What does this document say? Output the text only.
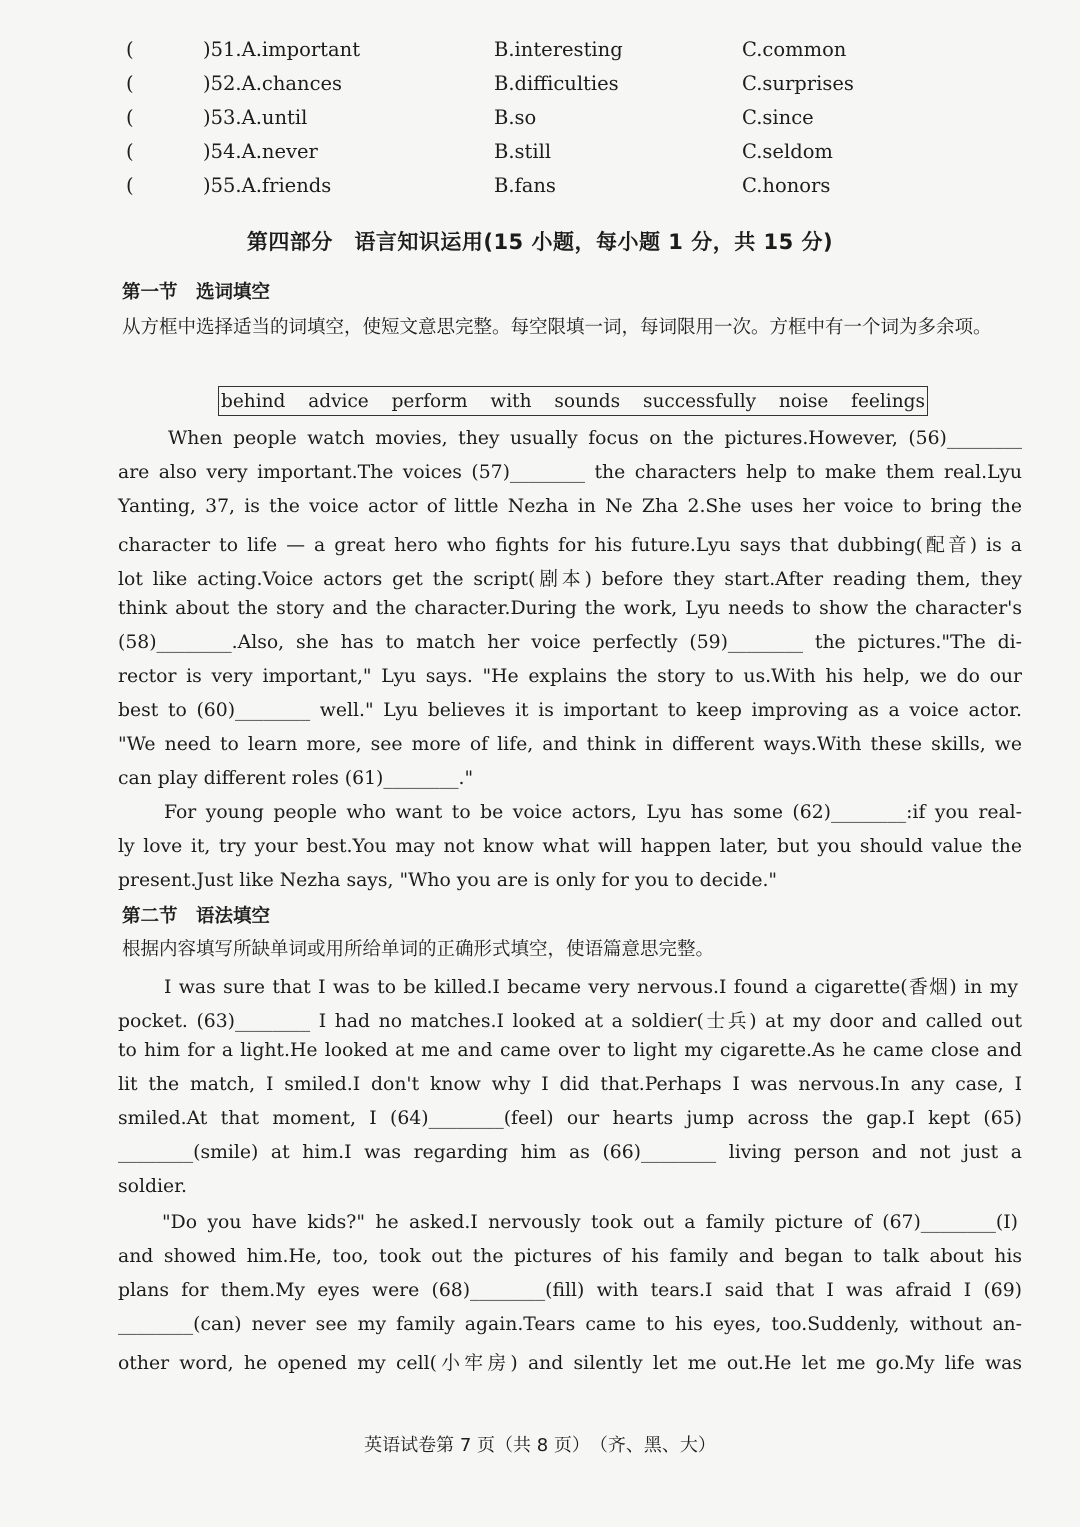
(	)51.A.important	B.interesting	C.common
(	)52.A.chances	B.difficulties	C.surprises
(	)53.A.until	B.so	C.since
(	)54.A.never	B.still	C.seldom
(	)55.A.friends	B.fans	C.honors
第四部分　语言知识运用(15 小题，每小题 1 分，共 15 分)
第一节　选词填空
从方框中选择适当的词填空，使短文意思完整。每空限填一词，每词限用一次。方框中有一个词为多余项。
behind advice perform with sounds successfully noise feelings
When people watch movies, they usually focus on the pictures.However, (56)________
are also very important.The voices (57)________ the characters help to make them real.Lyu
Yanting, 37, is the voice actor of little Nezha in Ne Zha 2.She uses her voice to bring the
character to life — a great hero who fights for his future.Lyu says that dubbing(配音) is a
lot like acting.Voice actors get the script(剧本) before they start.After reading them, they
think about the story and the character.During the work, Lyu needs to show the character's
(58)________.Also, she has to match her voice perfectly (59)________ the pictures."The di-
rector is very important," Lyu says. "He explains the story to us.With his help, we do our
best to (60)________ well." Lyu believes it is important to keep improving as a voice actor.
"We need to learn more, see more of life, and think in different ways.With these skills, we
can play different roles (61)________."
For young people who want to be voice actors, Lyu has some (62)________:if you real-
ly love it, try your best.You may not know what will happen later, but you should value the
present.Just like Nezha says, "Who you are is only for you to decide."
第二节　语法填空
根据内容填写所缺单词或用所给单词的正确形式填空，使语篇意思完整。
I was sure that I was to be killed.I became very nervous.I found a cigarette(香烟) in my
pocket. (63)________ I had no matches.I looked at a soldier(士兵) at my door and called out
to him for a light.He looked at me and came over to light my cigarette.As he came close and
lit the match, I smiled.I don't know why I did that.Perhaps I was nervous.In any case, I
smiled.At that moment, I (64)________(feel) our hearts jump across the gap.I kept (65)
________(smile) at him.I was regarding him as (66)________ living person and not just a
soldier.
"Do you have kids?" he asked.I nervously took out a family picture of (67)________(I)
and showed him.He, too, took out the pictures of his family and began to talk about his
plans for them.My eyes were (68)________(fill) with tears.I said that I was afraid I (69)
________(can) never see my family again.Tears came to his eyes, too.Suddenly, without an-
other word, he opened my cell(小牢房) and silently let me out.He let me go.My life was
英语试卷第 7 页（共 8 页）　（齐、黑、大）
